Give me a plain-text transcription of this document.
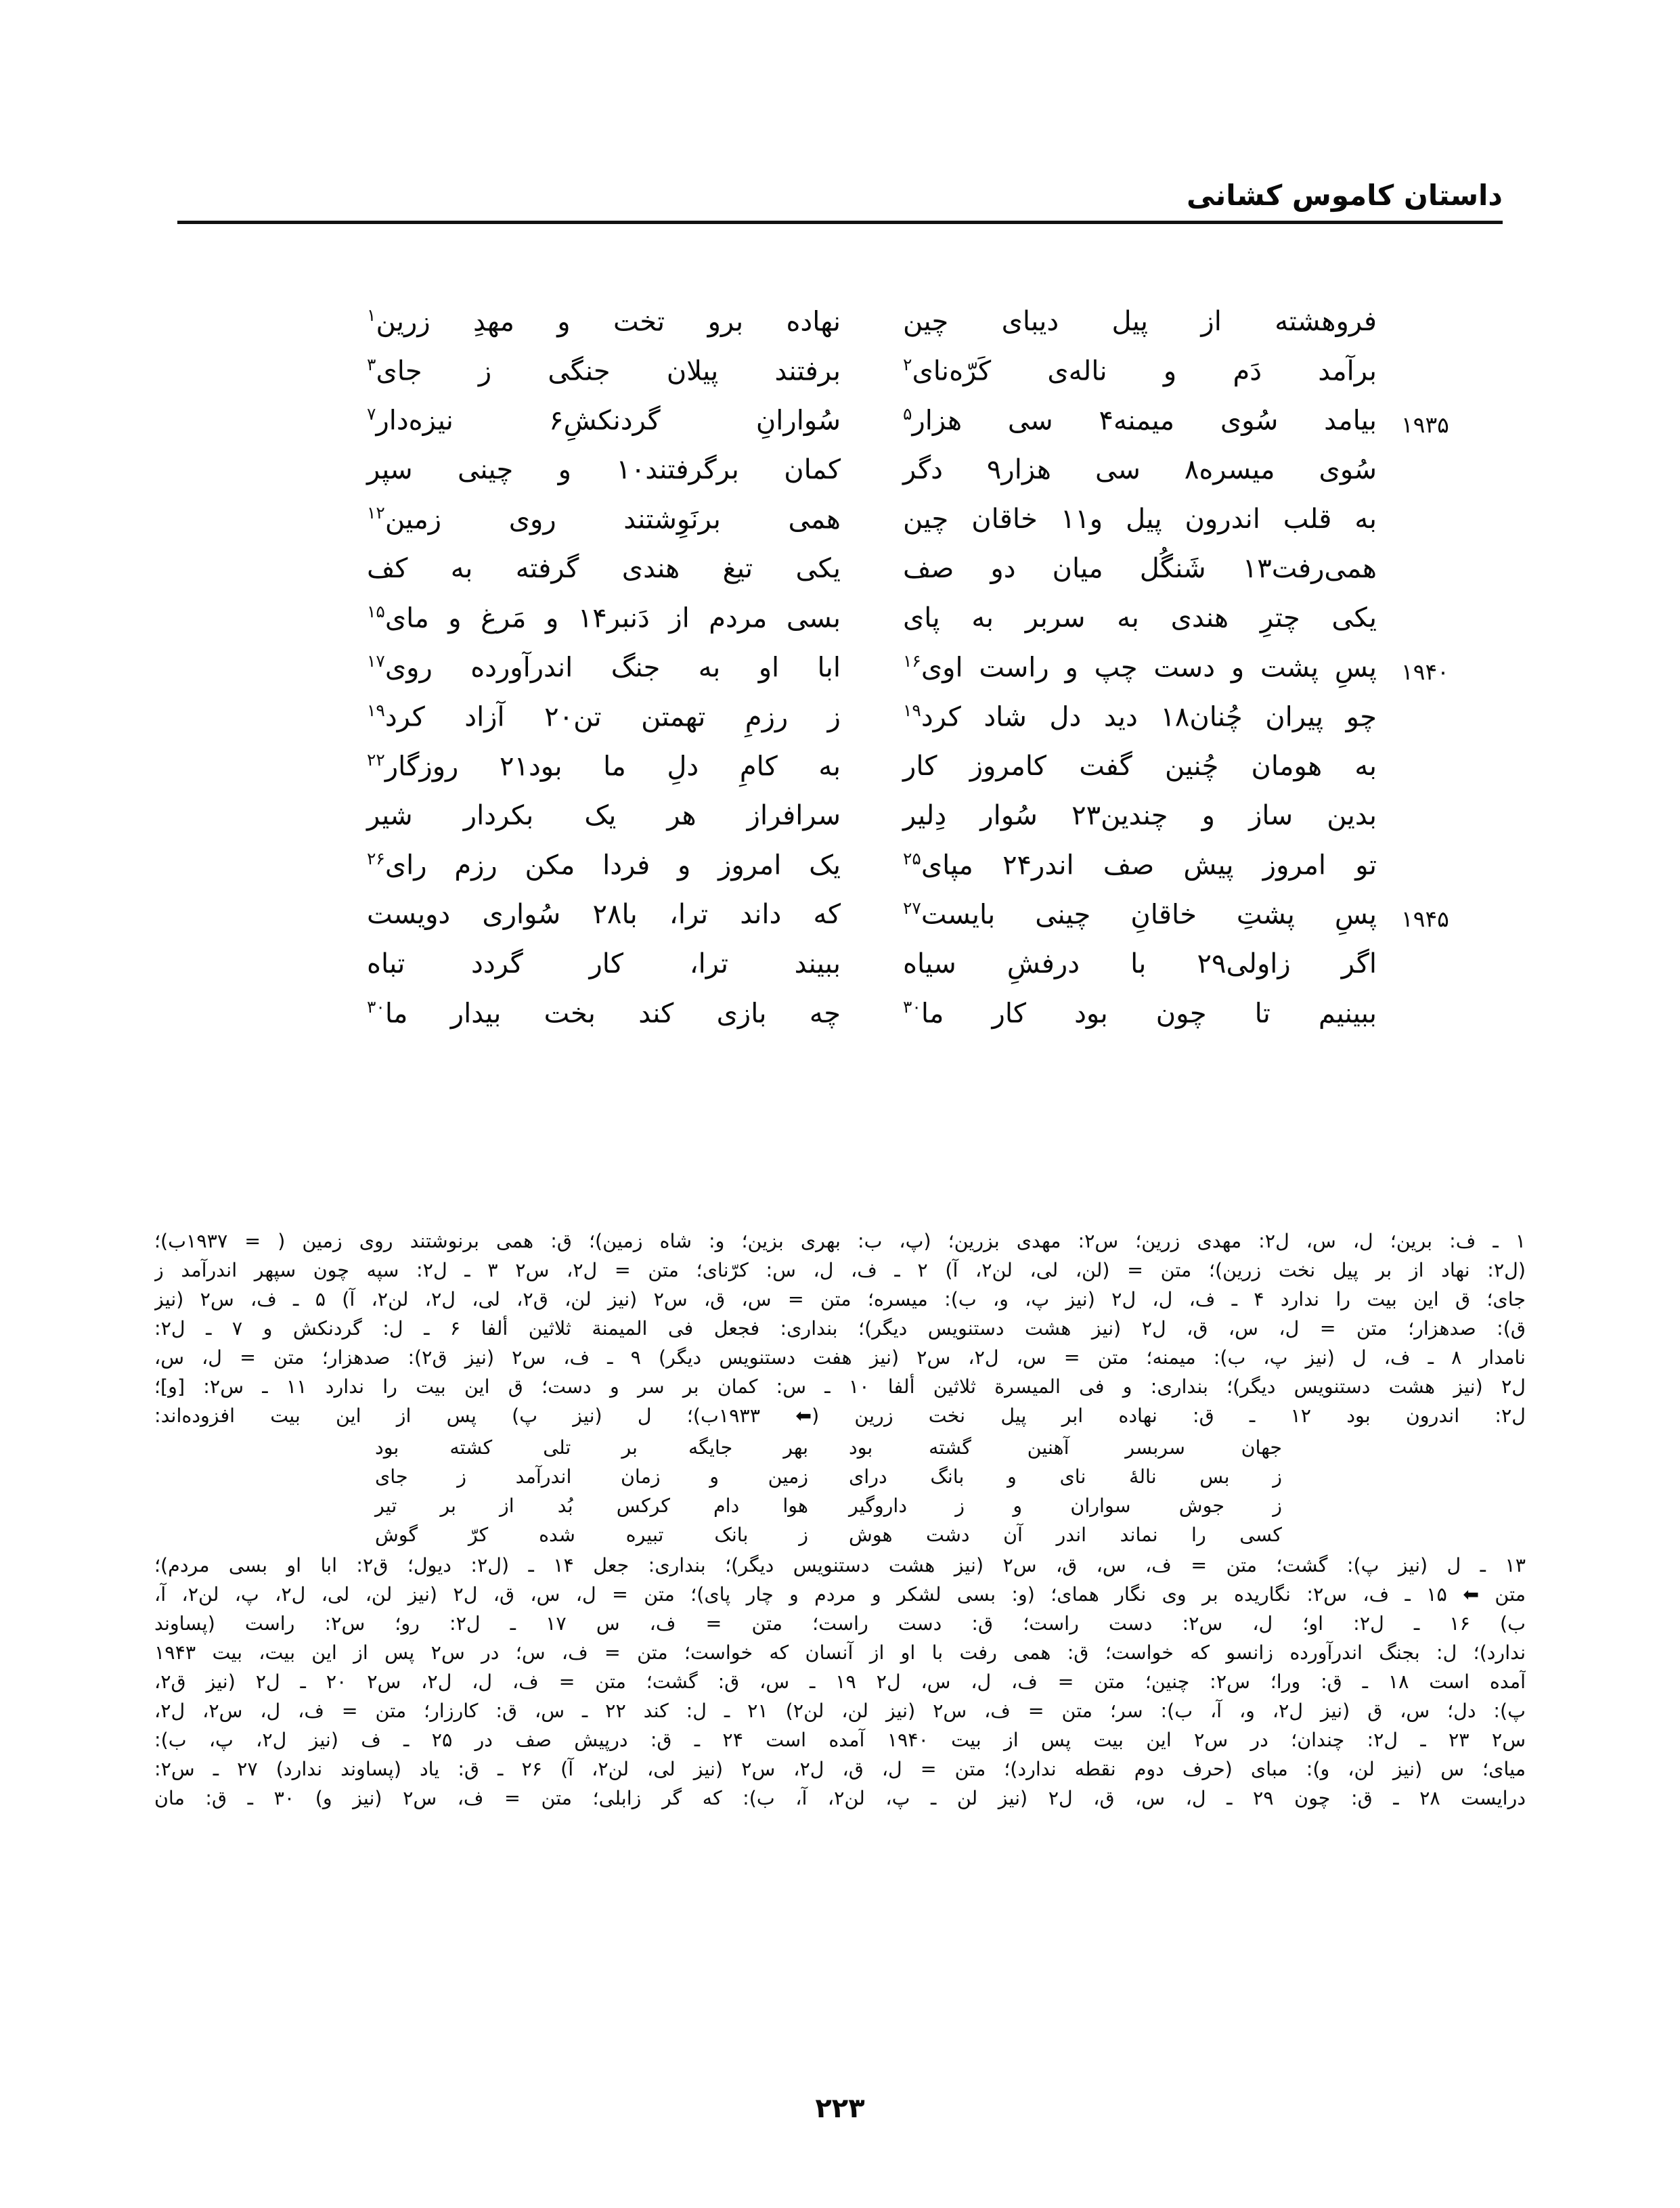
داستان کاموس کشانی
فروهشته از پیل دیبای چین
نهاده برو تخت و مهدِ زرین$^۱$
برآمد دَم و ناله‌ی کَرّه‌نای$^۲$
برفتند پیلان جنگی ز جای$^۳$
۱۹۳۵
بیامد سُوی میمنه‌۴ سی هزار$^۵$
سُوارانِ گردنکشِ۶ نیزه‌دار$^۷$
سُوی میسره۸ سی هزار۹ دگر
کمان برگرفتند۱۰ و چینی سپر
به قلب اندرون پیل و۱۱ خاقان چین
همی برنَوِشتند روی زمین$^{۱۲}$
همی‌رفت۱۳ شَنگُل میان دو صف
یکی تیغ هندی گرفته به کف
یکی چترِ هندی به سربر به پای
بسی مردم از دَنبر۱۴ و مَرغ و مای$^{۱۵}$
۱۹۴۰
پسِ پشت و دست چپ و راست اوی$^{۱۶}$
ابا او به جنگ اندرآورده روی$^{۱۷}$
چو پیران چُنان۱۸ دید دل شاد کرد$^{۱۹}$
ز رزمِ تهمتن تن۲۰ آزاد کرد$^{۱۹}$
به هومان چُنین گفت کامروز کار
به کامِ دلِ ما بود۲۱ روزگار$^{۲۲}$
بدین ساز و چندین۲۳ سُوار دِلیر
سرافراز هر یک بکردار شیر
تو امروز پیش صف اندر۲۴ مپای$^{۲۵}$
یک امروز و فردا مکن رزم رای$^{۲۶}$
۱۹۴۵
پسِ پشتِ خاقانِ چینی بایست$^{۲۷}$
که داند ترا، با۲۸ سُواری دویست
اگر زاولی۲۹ با درفشِ سیاه
ببیند ترا، کار گردد تباه
ببینیم تا چون بود کار ما$^{۳۰}$
چه بازی کند بخت بیدار ما$^{۳۰}$
۱ ـ ف: برین؛ ل، س، ل‌۲: مهدی زرین؛ س‌۲: مهدی بزرین؛ (پ، ب: بهری بزین؛ و: شاه زمین)؛ ق: همی برنوشتند روی زمین ( = ۱۹۳۷ب)؛
(ل‌۲: نهاد از بر پیل نخت زرین)؛ متن = (لن، لی، لن‌۲، آ) ۲ ـ ف، ل، س: کرّنای؛ متن = ل‌۲، س‌۲ ۳ ـ ل‌۲: سپه چون سپهر اندرآمد ز
جای؛ ق این بیت را ندارد ۴ ـ ف، ل، ل‌۲ (نیز پ، و، ب): میسره؛ متن = س، ق، س‌۲ (نیز لن، ق‌۲، لی، ل‌۲، لن‌۲، آ) ۵ ـ ف، س‌۲ (نیز
ق): صدهزار؛ متن = ل، س، ق، ل‌۲ (نیز هشت دستنویس دیگر)؛ بنداری: فجعل فی المیمنة ثلاثین ألفا ۶ ـ ل: گردنکش و ۷ ـ ل‌۲:
نامدار ۸ ـ ف، ل (نیز پ، ب): میمنه؛ متن = س، ل‌۲، س‌۲ (نیز هفت دستنویس دیگر) ۹ ـ ف، س‌۲ (نیز ق‌۲): صدهزار؛ متن = ل، س،
ل‌۲ (نیز هشت دستنویس دیگر)؛ بنداری: و فی المیسرة ثلاثین ألفا ۱۰ ـ س: کمان بر سر و دست؛ ق این بیت را ندارد ۱۱ ـ س‌۲: [و]؛
ل‌۲: اندرون بود ۱۲ ـ ق: نهاده ابر پیل نخت زرین (⬅ ۱۹۳۳ب)؛ ل (نیز پ) پس از این بیت افزوده‌اند:
جهان سربسر آهنین گشته بود
بهر جایگه بر تلی کشته بود
ز بس نالهٔ نای و بانگ درای
زمین و زمان اندرآمد ز جای
ز جوش سواران و ز داروگیر
هوا دام کرکس بُد از بر تیر
کسی را نماند اندر آن دشت هوش
ز بانک تبیره شده کرّ گوش
۱۳ ـ ل (نیز پ): گشت؛ متن = ف، س، ق، س‌۲ (نیز هشت دستنویس دیگر)؛ بنداری: جعل ۱۴ ـ (ل‌۲: دیول؛ ق‌۲: ابا او بسی مردم)؛
متن ⬅ ۱۵ ـ ف، س‌۲: نگاریده بر وی نگار همای؛ (و: بسی لشکر و مردم و چار پای)؛ متن = ل، س، ق، ل‌۲ (نیز لن، لی، ل‌۲، پ، لن‌۲، آ،
ب) ۱۶ ـ ل‌۲: او؛ ل، س‌۲: دست راست؛ ق: دست راست؛ متن = ف، س ۱۷ ـ ل‌۲: رو؛ س‌۲: راست (پساوند
ندارد)؛ ل: بجنگ اندرآورده زانسو که خواست؛ ق: همی رفت با او از آنسان که خواست؛ متن = ف، س؛ در س‌۲ پس از این بیت، بیت ۱۹۴۳
آمده است ۱۸ ـ ق: ورا؛ س‌۲: چنین؛ متن = ف، ل، س، ل‌۲ ۱۹ ـ س، ق: گشت؛ متن = ف، ل، ل‌۲، س‌۲ ۲۰ ـ ل‌۲ (نیز ق‌۲،
پ): دل؛ س، ق (نیز ل‌۲، و، آ، ب): سر؛ متن = ف، س‌۲ (نیز لن، لن‌۲) ۲۱ ـ ل: کند ۲۲ ـ س، ق: کارزار؛ متن = ف، ل، س‌۲، ل‌۲،
س‌۲ ۲۳ ـ ل‌۲: چندان؛ در س‌۲ این بیت پس از بیت ۱۹۴۰ آمده است ۲۴ ـ ق: درپیش صف در ۲۵ ـ ف (نیز ل‌۲، پ، ب):
میای؛ س (نیز لن، و): مبای (حرف دوم نقطه ندارد)؛ متن = ل، ق، ل‌۲، س‌۲ (نیز لی، لن‌۲، آ) ۲۶ ـ ق: یاد (پساوند ندارد) ۲۷ ـ س‌۲:
درایست ۲۸ ـ ق: چون ۲۹ ـ ل، س، ق، ل‌۲ (نیز لن ـ پ، لن‌۲، آ، ب): که گر زابلی؛ متن = ف، س‌۲ (نیز و) ۳۰ ـ ق: مان
۲۲۳
